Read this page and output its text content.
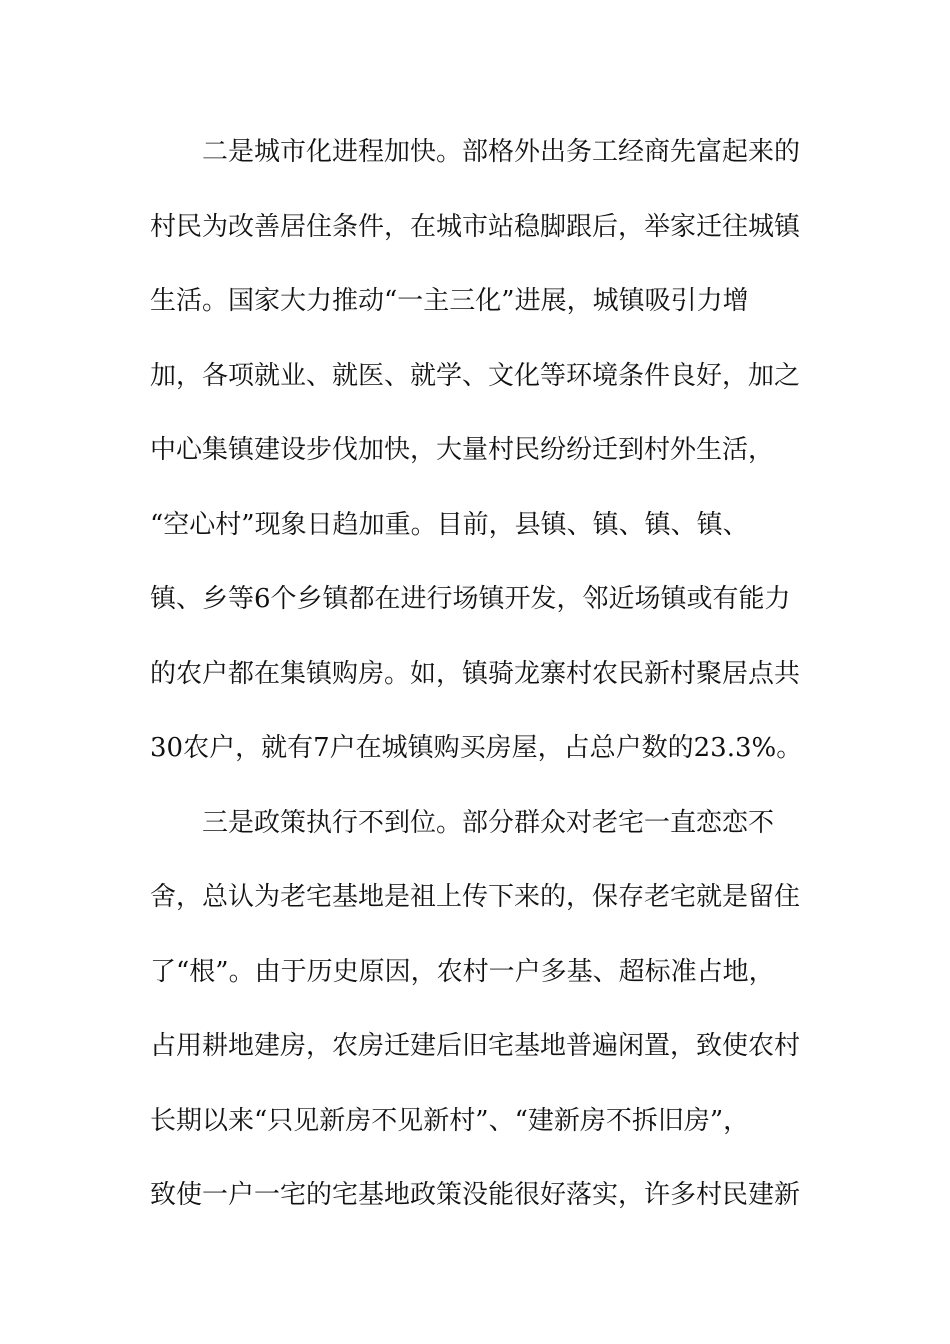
二是城市化进程加快。部格外出务工经商先富起来的
村民为改善居住条件，在城市站稳脚跟后，举家迁往城镇
生活。国家大力推动“一主三化”进展，城镇吸引力增
加，各项就业、就医、就学、文化等环境条件良好，加之
中心集镇建设步伐加快，大量村民纷纷迁到村外生活，
“空心村”现象日趋加重。目前，县镇、镇、镇、镇、
镇、乡等6个乡镇都在进行场镇开发，邻近场镇或有能力
的农户都在集镇购房。如，镇骑龙寨村农民新村聚居点共
30农户，就有7户在城镇购买房屋，占总户数的23.3%。
三是政策执行不到位。部分群众对老宅一直恋恋不
舍，总认为老宅基地是祖上传下来的，保存老宅就是留住
了“根”。由于历史原因，农村一户多基、超标准占地，
占用耕地建房，农房迁建后旧宅基地普遍闲置，致使农村
长期以来“只见新房不见新村”、“建新房不拆旧房”，
致使一户一宅的宅基地政策没能很好落实，许多村民建新
